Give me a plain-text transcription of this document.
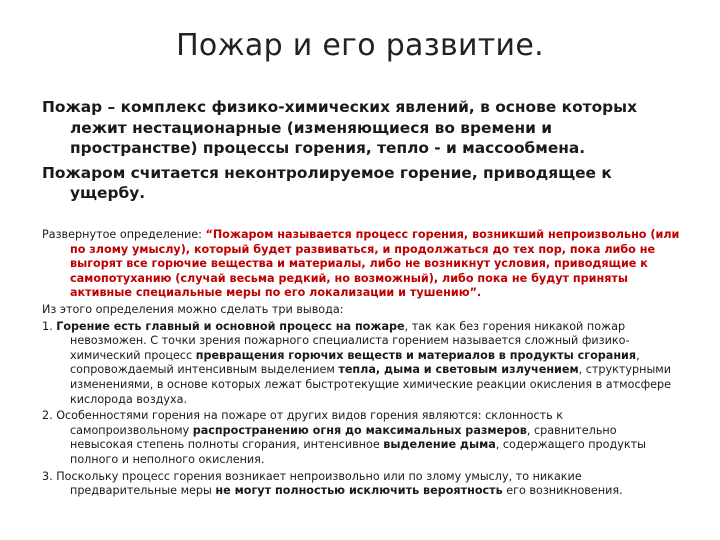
Пожар и его развитие.

Пожар – комплекс физико-химических явлений, в основе которых лежит нестационарные (изменяющиеся во времени и пространстве) процессы горения, тепло - и массообмена.

Пожаром считается неконтролируемое горение, приводящее к ущербу.

Развернутое определение: “Пожаром называется процесс горения, возникший непроизвольно (или по злому умыслу), который будет развиваться, и продолжаться до тех пор, пока либо не выгорят все горючие вещества и материалы, либо не возникнут условия, приводящие к самопотуханию (случай весьма редкий, но возможный), либо пока не будут приняты активные специальные меры по его локализации и тушению”.

Из этого определения можно сделать три вывода:

1. Горение есть главный и основной процесс на пожаре, так как без горения никакой пожар невозможен. С точки зрения пожарного специалиста горением называется сложный физико-химический процесс превращения горючих веществ и материалов в продукты сгорания, сопровождаемый интенсивным выделением тепла, дыма и световым излучением, структурными изменениями, в основе которых лежат быстротекущие химические реакции окисления в атмосфере кислорода воздуха.

2. Особенностями горения на пожаре от других видов горения являются: склонность к самопроизвольному распространению огня до максимальных размеров, сравнительно невысокая степень полноты сгорания, интенсивное выделение дыма, содержащего продукты полного и неполного окисления.

3. Поскольку процесс горения возникает непроизвольно или по злому умыслу, то никакие предварительные меры не могут полностью исключить вероятность его возникновения.
